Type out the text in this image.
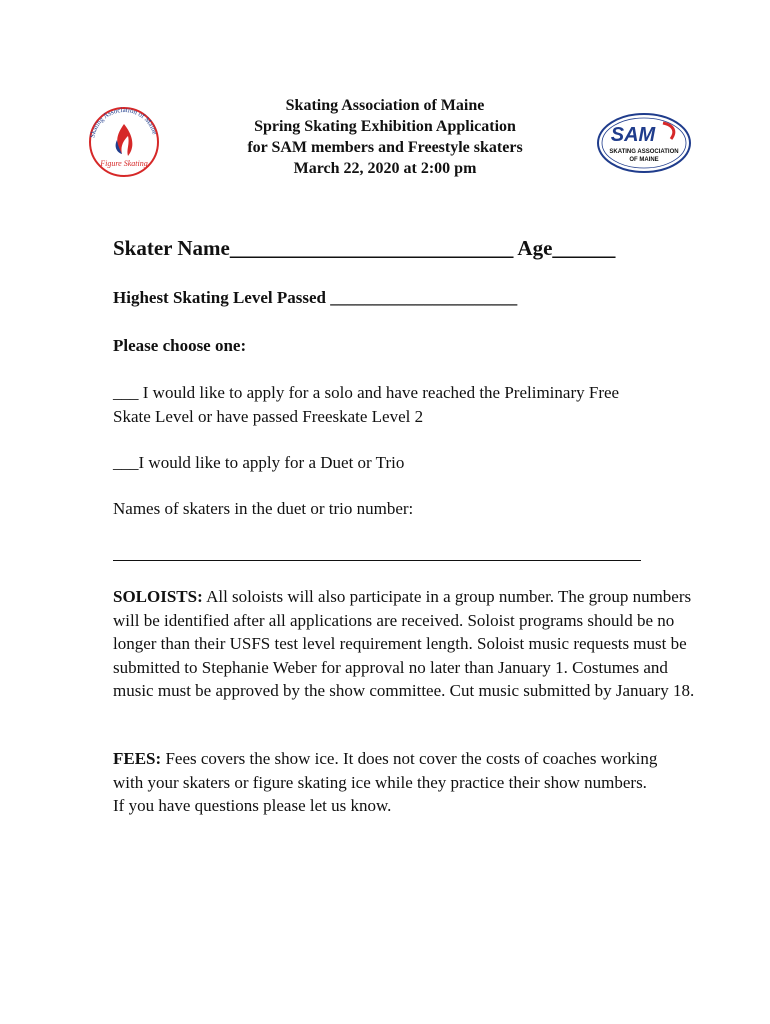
Skating Association of Maine
Figure Skating
SAM
SKATING ASSOCIATION
OF MAINE
Skating Association of Maine
Spring Skating Exhibition Application
for SAM members and Freestyle skaters
March 22, 2020 at 2:00 pm
Skater Name___________________________ Age______
Highest Skating Level Passed ______________________
Please choose one:
___ I would like to apply for a solo and have reached the Preliminary Free
Skate Level or have passed Freeskate Level 2
___I would like to apply for a Duet or Trio
Names of skaters in the duet or trio number:
SOLOISTS: All soloists will also participate in a group number. The group numbers
will be identified after all applications are received. Soloist programs should be no
longer than their USFS test level requirement length. Soloist music requests must be
submitted to Stephanie Weber for approval no later than January 1. Costumes and
music must be approved by the show committee. Cut music submitted by January 18.
FEES: Fees covers the show ice. It does not cover the costs of coaches working
with your skaters or figure skating ice while they practice their show numbers.
If you have questions please let us know.
